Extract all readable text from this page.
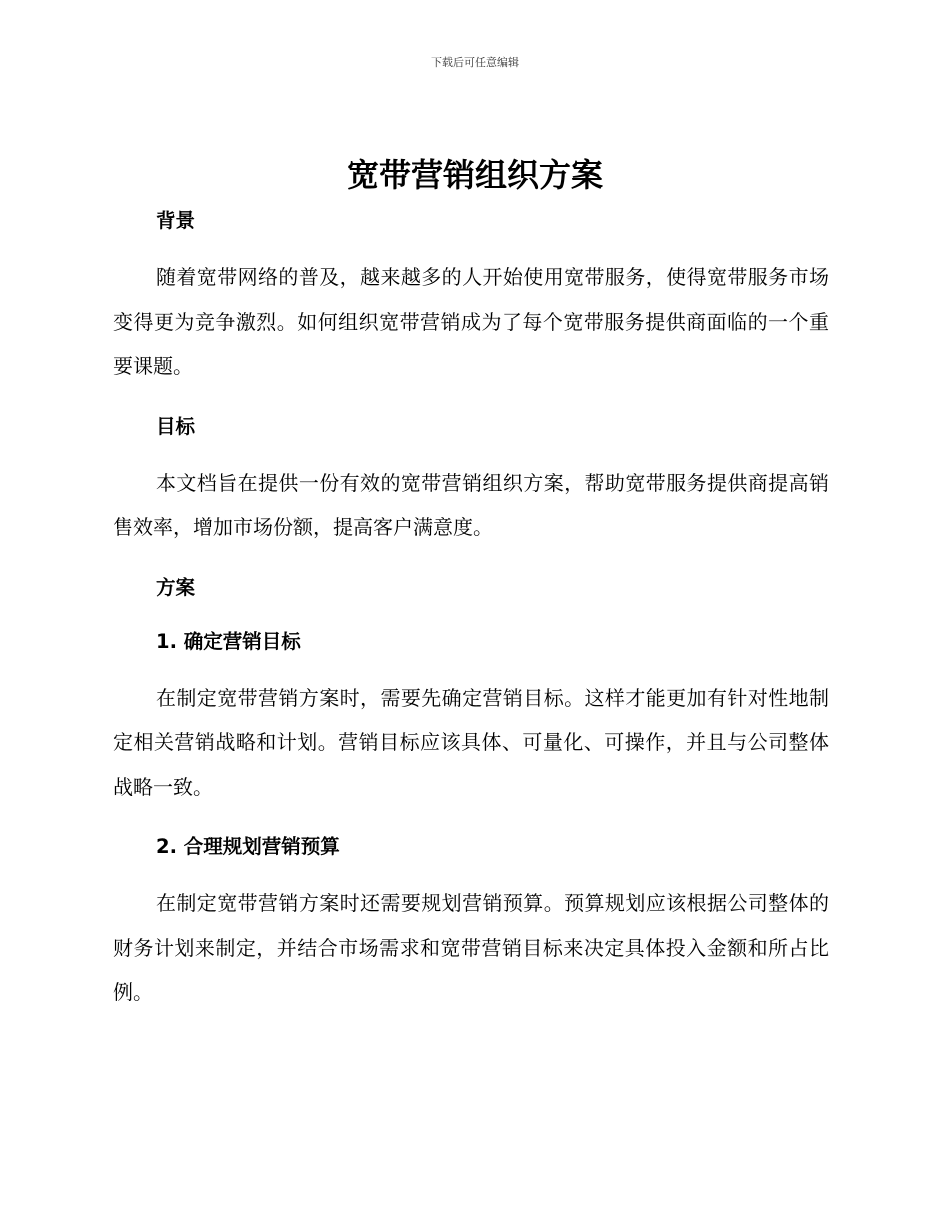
下载后可任意编辑
宽带营销组织方案
背景
随着宽带网络的普及，越来越多的人开始使用宽带服务，使得宽带服务市场变得更为竞争激烈。如何组织宽带营销成为了每个宽带服务提供商面临的一个重要课题。
目标
本文档旨在提供一份有效的宽带营销组织方案，帮助宽带服务提供商提高销售效率，增加市场份额，提高客户满意度。
方案
1. 确定营销目标
在制定宽带营销方案时，需要先确定营销目标。这样才能更加有针对性地制定相关营销战略和计划。营销目标应该具体、可量化、可操作，并且与公司整体战略一致。
2. 合理规划营销预算
在制定宽带营销方案时还需要规划营销预算。预算规划应该根据公司整体的财务计划来制定，并结合市场需求和宽带营销目标来决定具体投入金额和所占比例。
